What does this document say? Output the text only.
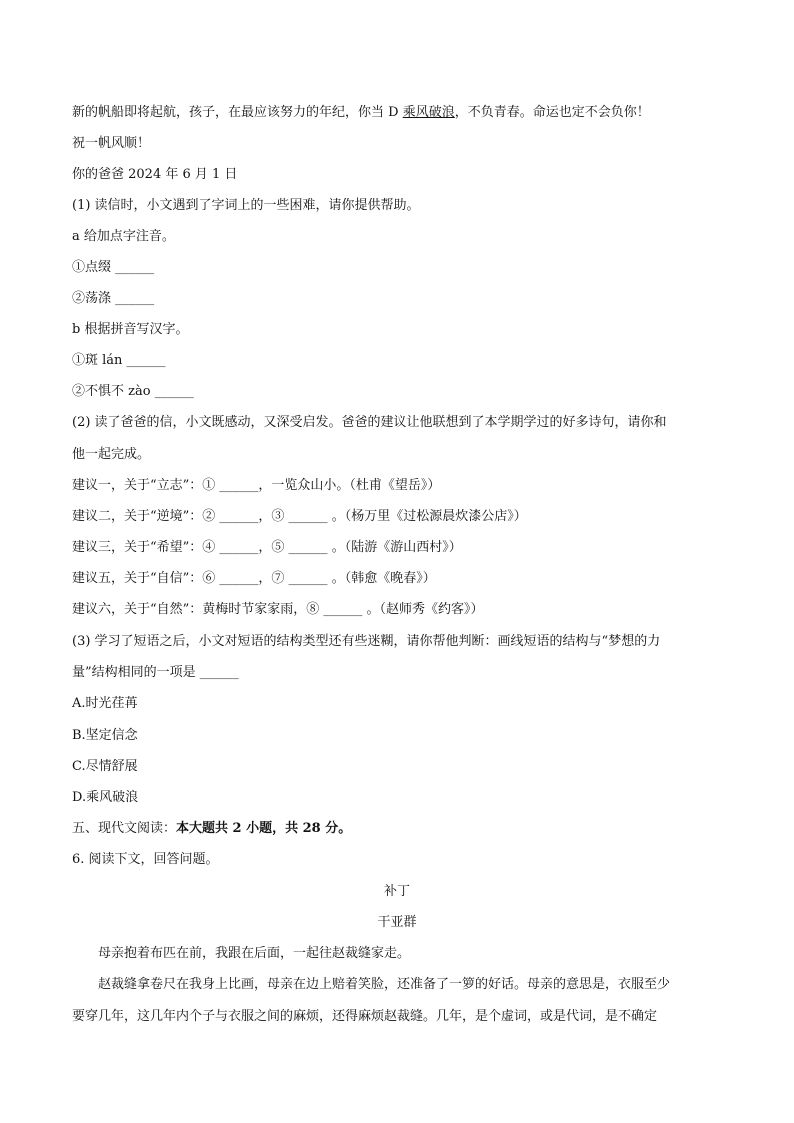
新的帆船即将起航，孩子，在最应该努力的年纪，你当 D 乘风破浪，不负青春。命运也定不会负你！
祝一帆风顺！
你的爸爸 2024 年 6 月 1 日
(1) 读信时，小文遇到了字词上的一些困难，请你提供帮助。
a 给加点字注音。
①点缀 ______
②荡涤 ______
b 根据拼音写汉字。
①斑 lán ______
②不惧不 zào ______
(2) 读了爸爸的信，小文既感动，又深受启发。爸爸的建议让他联想到了本学期学过的好多诗句，请你和
他一起完成。
建议一，关于“立志”：① ______，一览众山小。（杜甫《望岳》）
建议二，关于“逆境”：② ______，③ ______ 。（杨万里《过松源晨炊漆公店》）
建议三，关于“希望”：④ ______，⑤ ______ 。（陆游《游山西村》）
建议五，关于“自信”：⑥ ______，⑦ ______ 。（韩愈《晚春》）
建议六，关于“自然”：黄梅时节家家雨，⑧ ______ 。（赵师秀《约客》）
(3) 学习了短语之后，小文对短语的结构类型还有些迷糊，请你帮他判断：画线短语的结构与“梦想的力
量”结构相同的一项是 ______
A.时光荏苒
B.坚定信念
C.尽情舒展
D.乘风破浪
五、现代文阅读：本大题共 2 小题，共 28 分。
6. 阅读下文，回答问题。
补丁
干亚群
母亲抱着布匹在前，我跟在后面，一起往赵裁缝家走。
赵裁缝拿卷尺在我身上比画，母亲在边上赔着笑脸，还准备了一箩的好话。母亲的意思是，衣服至少
要穿几年，这几年内个子与衣服之间的麻烦，还得麻烦赵裁缝。几年，是个虚词，或是代词，是不确定
